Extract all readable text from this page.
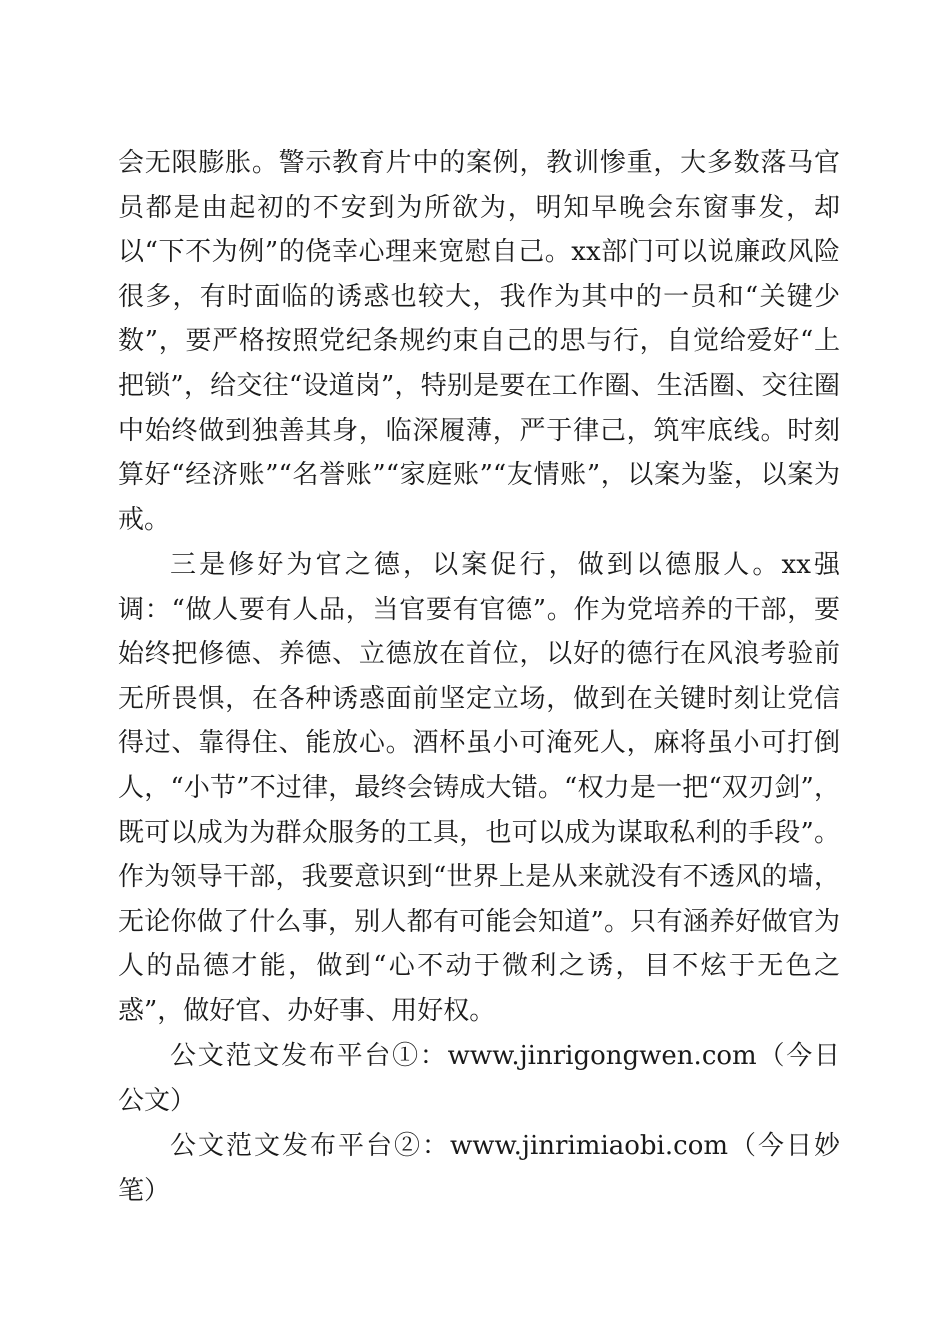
会无限膨胀。警示教育片中的案例，教训惨重，大多数落马官员都是由起初的不安到为所欲为，明知早晚会东窗事发，却以“下不为例”的侥幸心理来宽慰自己。xx部门可以说廉政风险很多，有时面临的诱惑也较大，我作为其中的一员和“关键少数”，要严格按照党纪条规约束自己的思与行，自觉给爱好“上把锁”，给交往“设道岗”，特别是要在工作圈、生活圈、交往圈中始终做到独善其身，临深履薄，严于律己，筑牢底线。时刻算好“经济账”“名誉账”“家庭账”“友情账”，以案为鉴，以案为戒。

三是修好为官之德，以案促行，做到以德服人。xx强调：“做人要有人品，当官要有官德”。作为党培养的干部，要始终把修德、养德、立德放在首位，以好的德行在风浪考验前无所畏惧，在各种诱惑面前坚定立场，做到在关键时刻让党信得过、靠得住、能放心。酒杯虽小可淹死人，麻将虽小可打倒人，“小节”不过律，最终会铸成大错。“权力是一把“双刃剑”，既可以成为为群众服务的工具，也可以成为谋取私利的手段”。作为领导干部，我要意识到“世界上是从来就没有不透风的墙，无论你做了什么事，别人都有可能会知道”。只有涵养好做官为人的品德才能，做到“心不动于微利之诱，目不炫于无色之惑”，做好官、办好事、用好权。

公文范文发布平台①：www.jinrigongwen.com（今日公文）

公文范文发布平台②：www.jinrimiaobi.com（今日妙笔）
